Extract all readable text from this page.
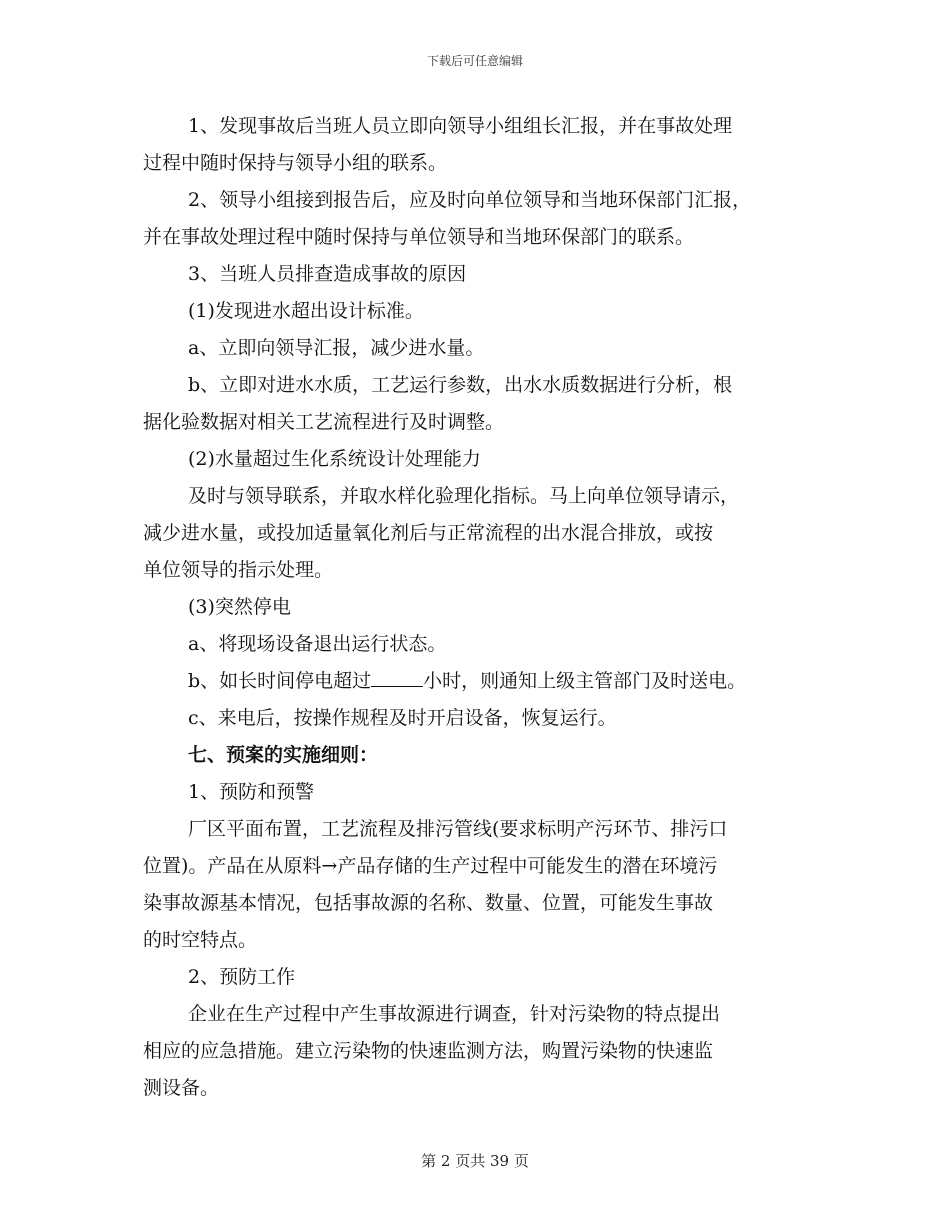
下载后可任意编辑

1、发现事故后当班人员立即向领导小组组长汇报，并在事故处理

过程中随时保持与领导小组的联系。

2、领导小组接到报告后，应及时向单位领导和当地环保部门汇报，

并在事故处理过程中随时保持与单位领导和当地环保部门的联系。

3、当班人员排查造成事故的原因

(1)发现进水超出设计标准。

a、立即向领导汇报，减少进水量。

b、立即对进水水质，工艺运行参数，出水水质数据进行分析，根

据化验数据对相关工艺流程进行及时调整。

(2)水量超过生化系统设计处理能力

及时与领导联系，并取水样化验理化指标。马上向单位领导请示，

减少进水量，或投加适量氧化剂后与正常流程的出水混合排放，或按

单位领导的指示处理。

(3)突然停电

a、将现场设备退出运行状态。

b、如长时间停电超过	小时，则通知上级主管部门及时送电。

c、来电后，按操作规程及时开启设备，恢复运行。

七、预案的实施细则：

1、预防和预警

厂区平面布置，工艺流程及排污管线(要求标明产污环节、排污口

位置)。产品在从原料→产品存储的生产过程中可能发生的潜在环境污

染事故源基本情况，包括事故源的名称、数量、位置，可能发生事故

的时空特点。

2、预防工作

企业在生产过程中产生事故源进行调查，针对污染物的特点提出

相应的应急措施。建立污染物的快速监测方法，购置污染物的快速监

测设备。

第 2 页共 39 页
